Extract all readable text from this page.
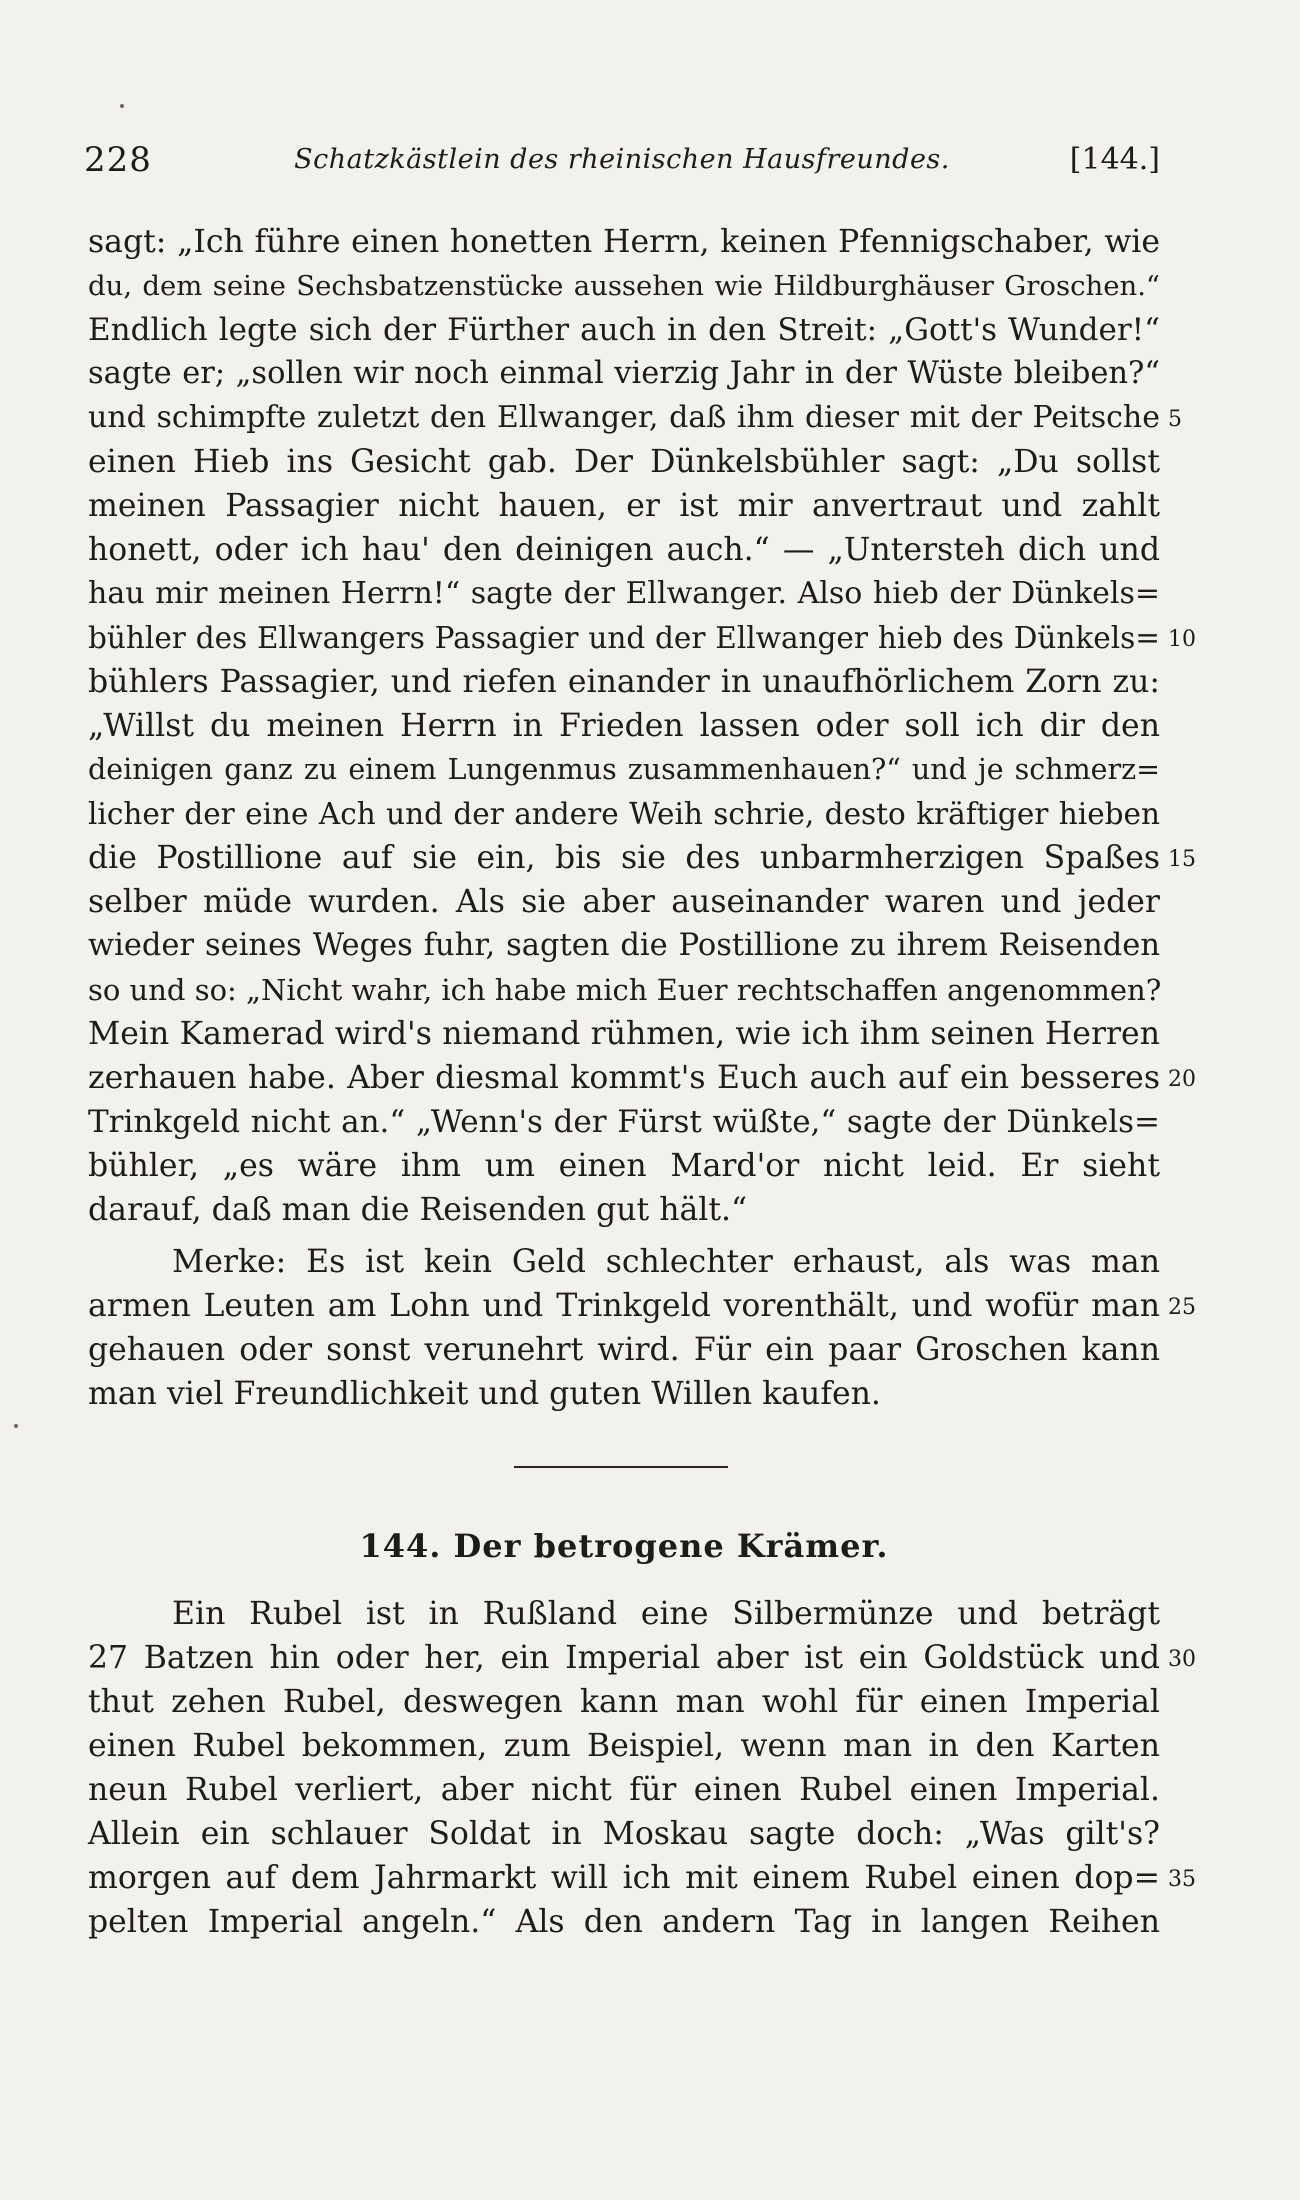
228	Schatzkästlein des rheinischen Hausfreundes.	[144.]
sagt: „Ich führe einen honetten Herrn, keinen Pfennigschaber, wie
du, dem seine Sechsbatzenstücke aussehen wie Hildburghäuser Groschen.“
Endlich legte sich der Fürther auch in den Streit: „Gott's Wunder!“
sagte er; „sollen wir noch einmal vierzig Jahr in der Wüste bleiben?“
und schimpfte zuletzt den Ellwanger, daß ihm dieser mit der Peitsche
einen Hieb ins Gesicht gab. Der Dünkelsbühler sagt: „Du sollst
meinen Passagier nicht hauen, er ist mir anvertraut und zahlt
honett, oder ich hau' den deinigen auch.“ — „Untersteh dich und
hau mir meinen Herrn!“ sagte der Ellwanger. Also hieb der Dünkels=
bühler des Ellwangers Passagier und der Ellwanger hieb des Dünkels=
bühlers Passagier, und riefen einander in unaufhörlichem Zorn zu:
„Willst du meinen Herrn in Frieden lassen oder soll ich dir den
deinigen ganz zu einem Lungenmus zusammenhauen?“ und je schmerz=
licher der eine Ach und der andere Weih schrie, desto kräftiger hieben
die Postillione auf sie ein, bis sie des unbarmherzigen Spaßes
selber müde wurden. Als sie aber auseinander waren und jeder
wieder seines Weges fuhr, sagten die Postillione zu ihrem Reisenden
so und so: „Nicht wahr, ich habe mich Euer rechtschaffen angenommen?
Mein Kamerad wird's niemand rühmen, wie ich ihm seinen Herren
zerhauen habe. Aber diesmal kommt's Euch auch auf ein besseres
Trinkgeld nicht an.“ „Wenn's der Fürst wüßte,“ sagte der Dünkels=
bühler, „es wäre ihm um einen Mard'or nicht leid. Er sieht
darauf, daß man die Reisenden gut hält.“
Merke: Es ist kein Geld schlechter erhaust, als was man
armen Leuten am Lohn und Trinkgeld vorenthält, und wofür man
gehauen oder sonst verunehrt wird. Für ein paar Groschen kann
man viel Freundlichkeit und guten Willen kaufen.
144. Der betrogene Krämer.
Ein Rubel ist in Rußland eine Silbermünze und beträgt
27 Batzen hin oder her, ein Imperial aber ist ein Goldstück und
thut zehen Rubel, deswegen kann man wohl für einen Imperial
einen Rubel bekommen, zum Beispiel, wenn man in den Karten
neun Rubel verliert, aber nicht für einen Rubel einen Imperial.
Allein ein schlauer Soldat in Moskau sagte doch: „Was gilt's?
morgen auf dem Jahrmarkt will ich mit einem Rubel einen dop=
pelten Imperial angeln.“ Als den andern Tag in langen Reihen
5
10
15
20
25
30
35
